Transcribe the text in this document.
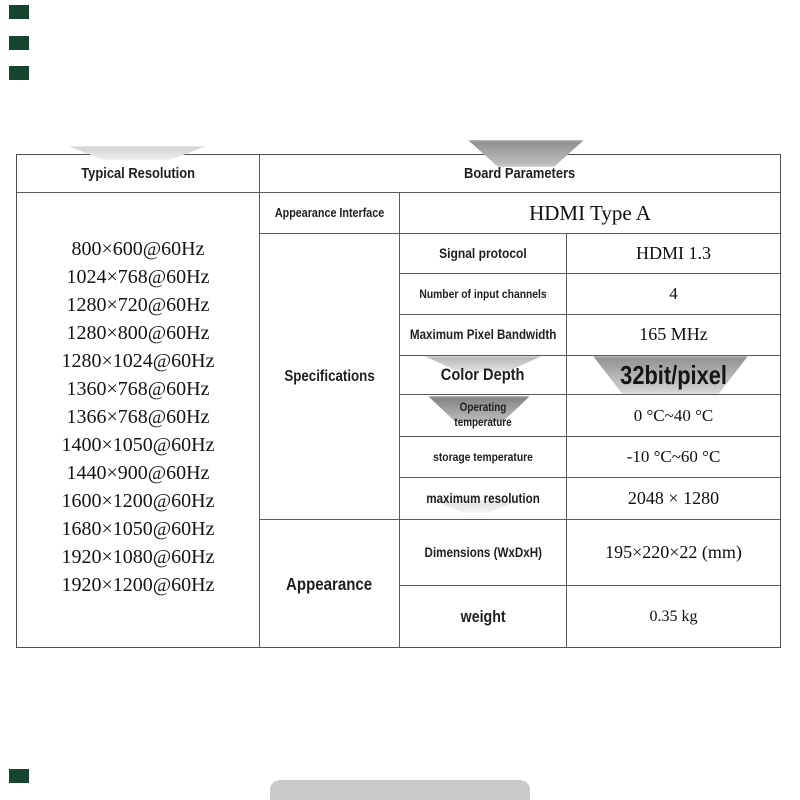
Typical Resolution	Board Parameters
800×600@60Hz
1024×768@60Hz
1280×720@60Hz
1280×800@60Hz
1280×1024@60Hz
1360×768@60Hz
1366×768@60Hz
1400×1050@60Hz
1440×900@60Hz
1600×1200@60Hz
1680×1050@60Hz
1920×1080@60Hz
1920×1200@60Hz
Appearance Interface	HDMI Type A
Specifications
Signal protocol	HDMI 1.3
Number of input channels	4
Maximum Pixel Bandwidth	165 MHz
Color Depth	32bit/pixel
Operating temperature	0 °C~40 °C
storage temperature	-10 °C~60 °C
maximum resolution	2048 × 1280
Appearance
Dimensions (WxDxH)	195×220×22 (mm)
weight	0.35 kg
